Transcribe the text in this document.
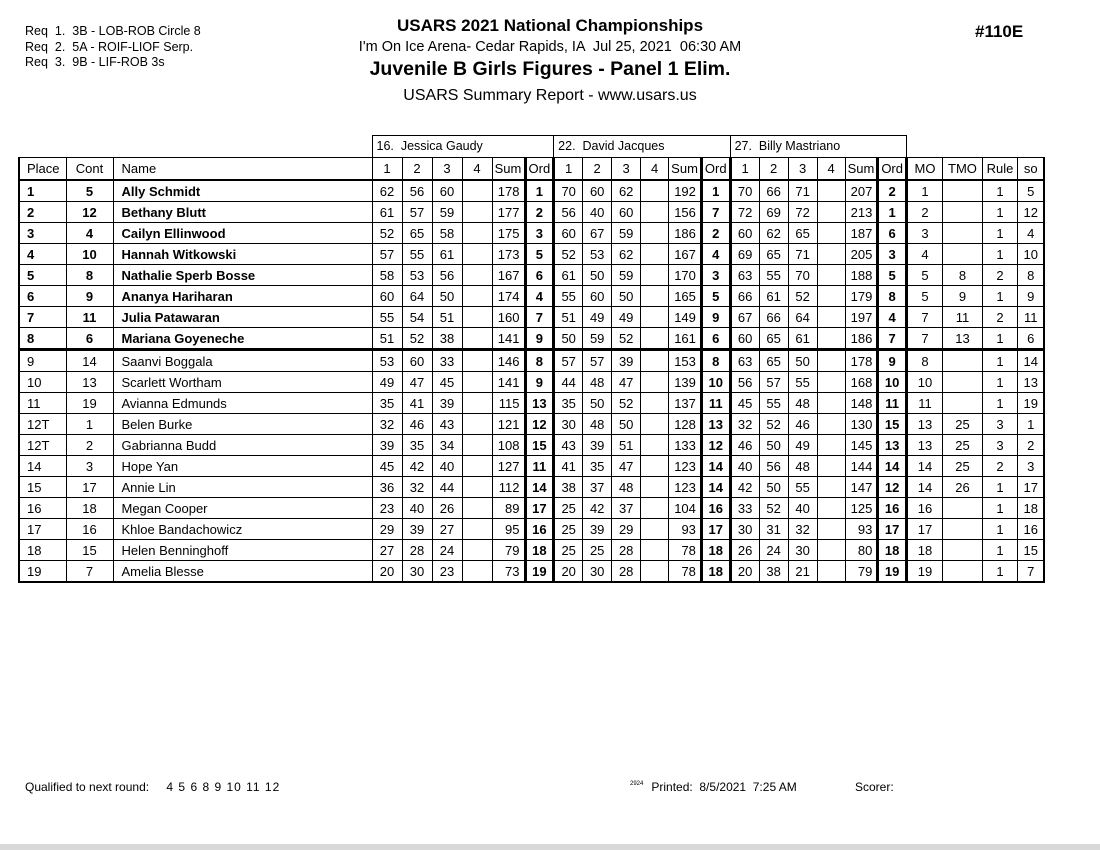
Req  1.  3B - LOB-ROB Circle 8
Req  2.  5A - ROIF-LIOF Serp.
Req  3.  9B - LIF-ROB 3s
USARS 2021 National Championships
I'm On Ice Arena- Cedar Rapids, IA  Jul 25, 2021  06:30 AM
Juvenile B Girls Figures - Panel 1 Elim.
USARS Summary Report - www.usars.us
#110E
			16.  Jessica Gaudy						22.  David Jacques						27.  Billy Mastriano									
Place	Cont	Name	1	2	3	4	Sum	Ord	1	2	3	4	Sum	Ord	1	2	3	4	Sum	Ord	MO	TMO	Rule	so
1	5	Ally Schmidt	62	56	60		178	1	70	60	62		192	1	70	66	71		207	2	1		1	5
2	12	Bethany Blutt	61	57	59		177	2	56	40	60		156	7	72	69	72		213	1	2		1	12
3	4	Cailyn Ellinwood	52	65	58		175	3	60	67	59		186	2	60	62	65		187	6	3		1	4
4	10	Hannah Witkowski	57	55	61		173	5	52	53	62		167	4	69	65	71		205	3	4		1	10
5	8	Nathalie Sperb Bosse	58	53	56		167	6	61	50	59		170	3	63	55	70		188	5	5	8	2	8
6	9	Ananya Hariharan	60	64	50		174	4	55	60	50		165	5	66	61	52		179	8	5	9	1	9
7	11	Julia Patawaran	55	54	51		160	7	51	49	49		149	9	67	66	64		197	4	7	11	2	11
8	6	Mariana Goyeneche	51	52	38		141	9	50	59	52		161	6	60	65	61		186	7	7	13	1	6
9	14	Saanvi Boggala	53	60	33		146	8	57	57	39		153	8	63	65	50		178	9	8		1	14
10	13	Scarlett Wortham	49	47	45		141	9	44	48	47		139	10	56	57	55		168	10	10		1	13
11	19	Avianna Edmunds	35	41	39		115	13	35	50	52		137	11	45	55	48		148	11	11		1	19
12T	1	Belen Burke	32	46	43		121	12	30	48	50		128	13	32	52	46		130	15	13	25	3	1
12T	2	Gabrianna Budd	39	35	34		108	15	43	39	51		133	12	46	50	49		145	13	13	25	3	2
14	3	Hope Yan	45	42	40		127	11	41	35	47		123	14	40	56	48		144	14	14	25	2	3
15	17	Annie Lin	36	32	44		112	14	38	37	48		123	14	42	50	55		147	12	14	26	1	17
16	18	Megan Cooper	23	40	26		89	17	25	42	37		104	16	33	52	40		125	16	16		1	18
17	16	Khloe Bandachowicz	29	39	27		95	16	25	39	29		93	17	30	31	32		93	17	17		1	16
18	15	Helen Benninghoff	27	28	24		79	18	25	25	28		78	18	26	24	30		80	18	18		1	15
19	7	Amelia Blesse	20	30	23		73	19	20	30	28		78	18	20	38	21		79	19	19		1	7
Qualified to next round: 4 5 6 8 9 10 11 12	$^{2924}$ Printed:  8/5/2021  7:25 AM	Scorer:
